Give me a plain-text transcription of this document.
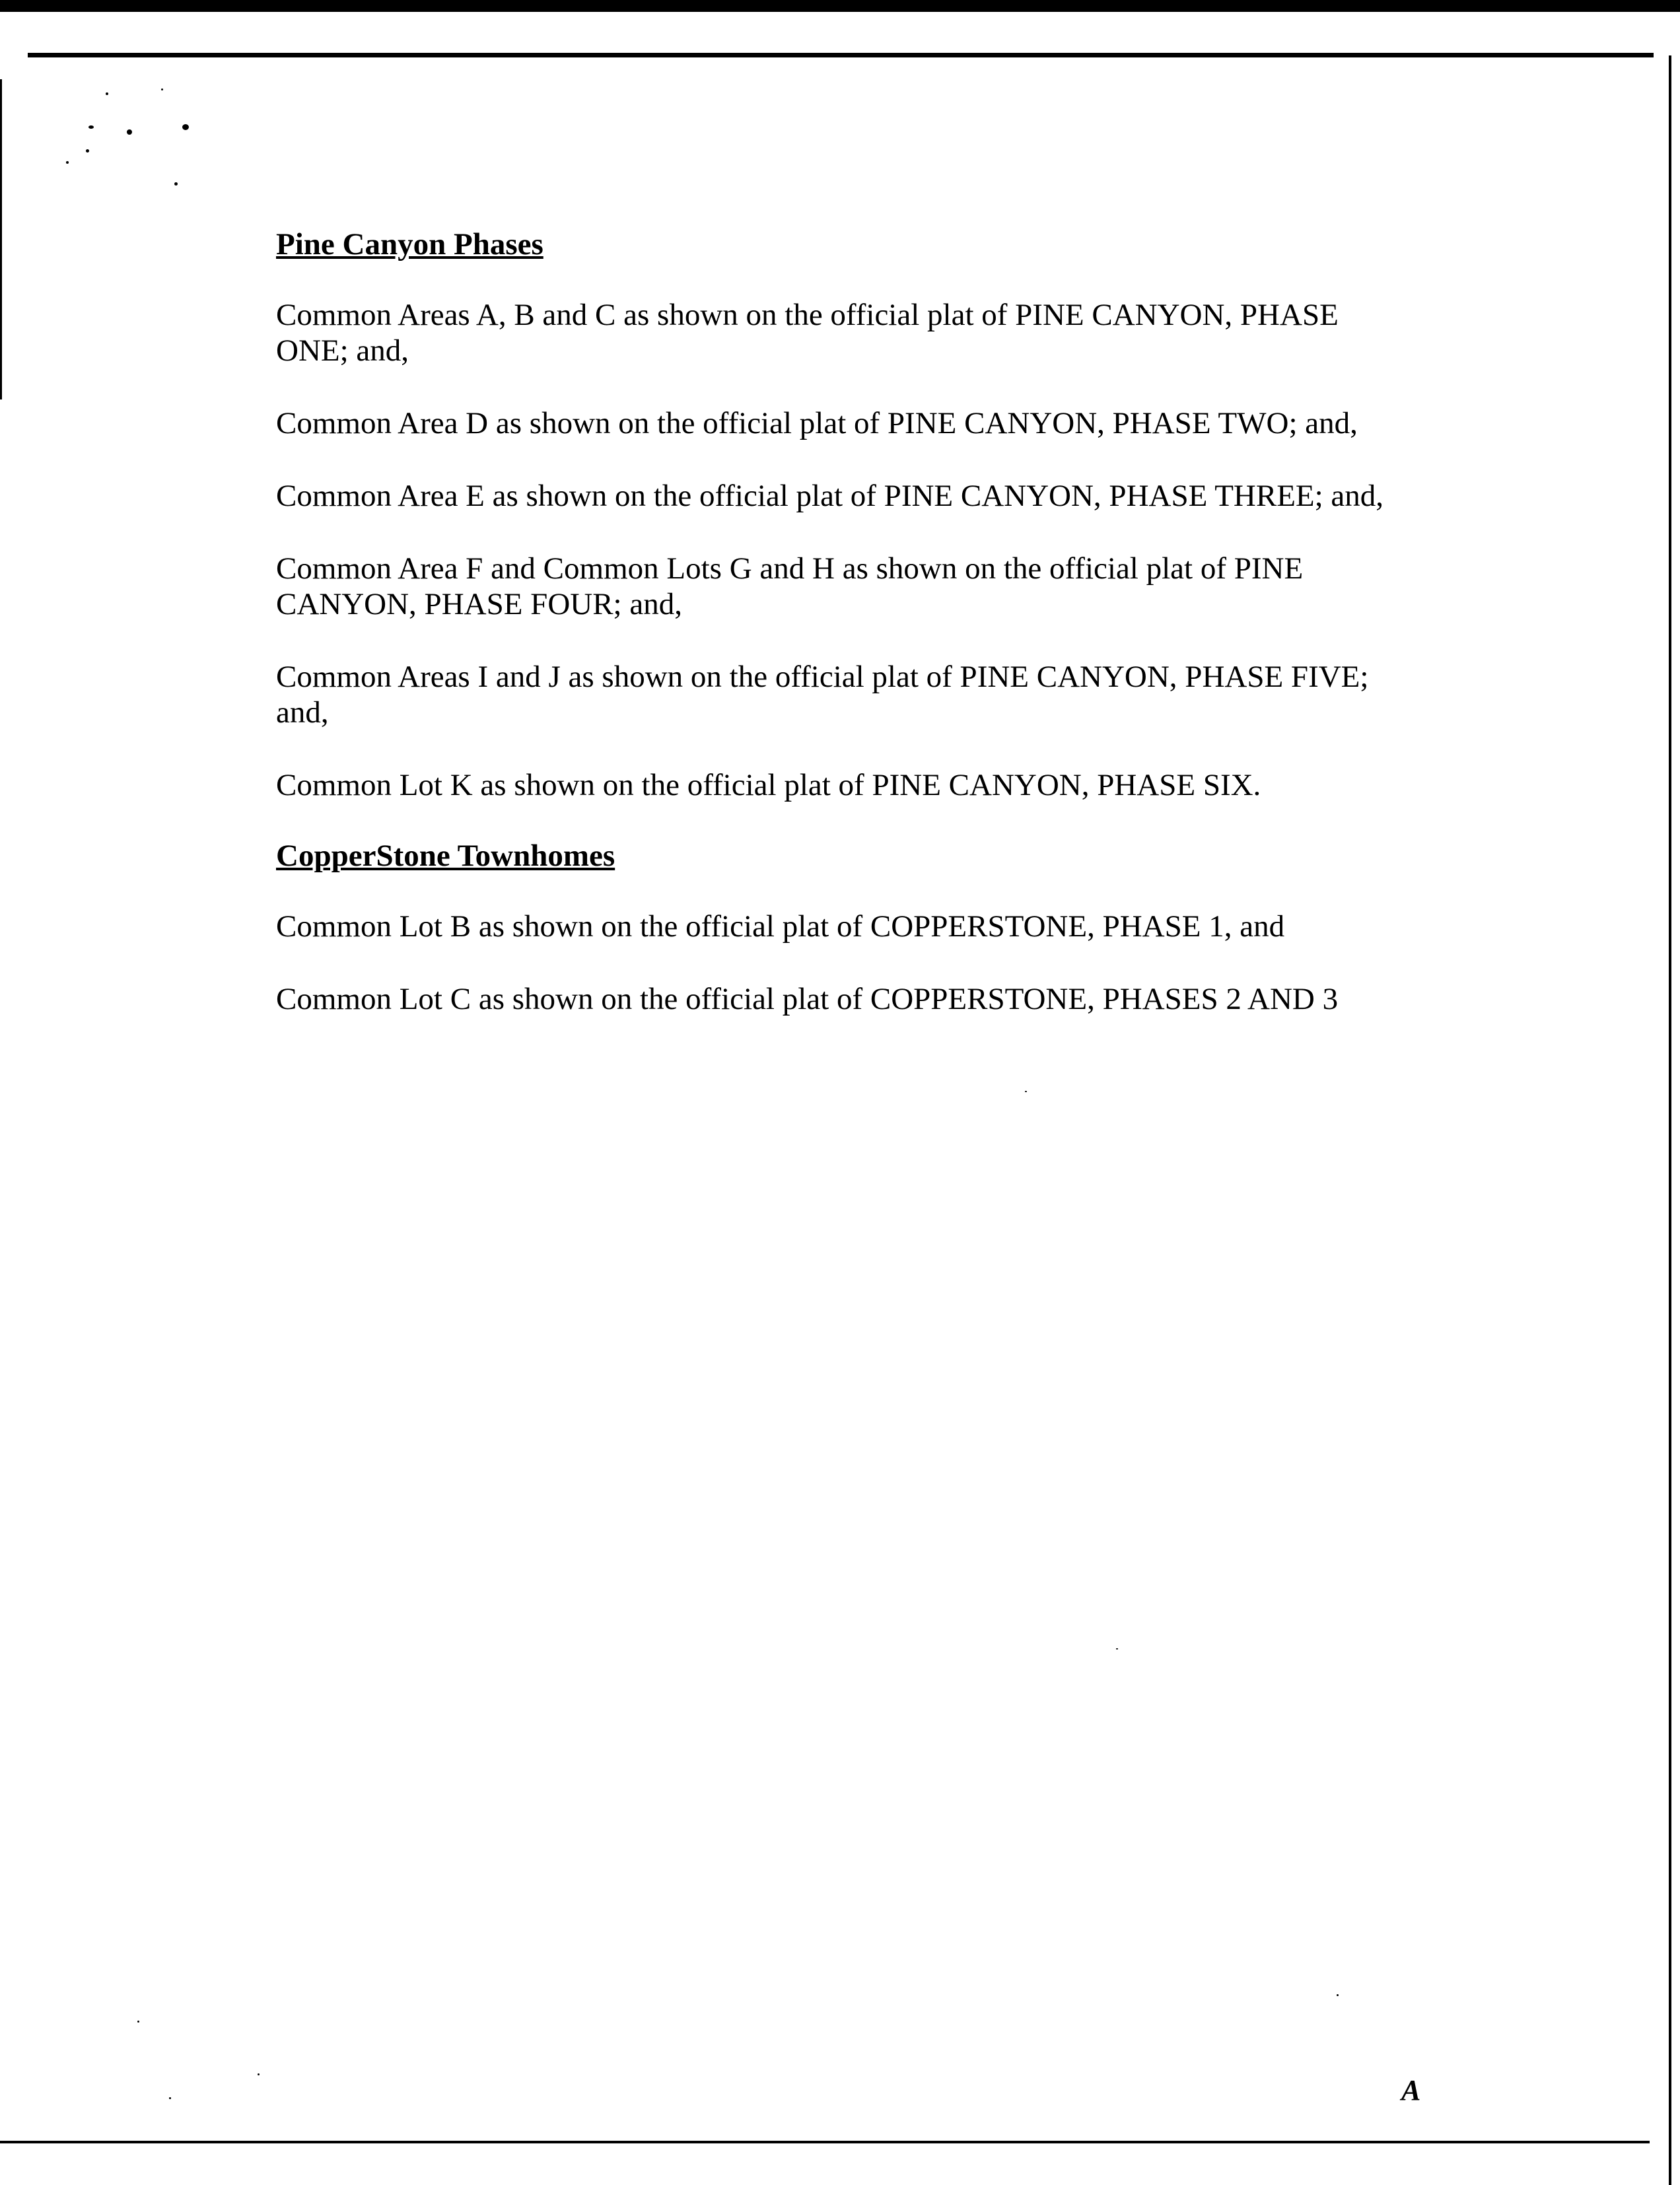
Pine Canyon Phases
Common Areas A, B and C as shown on the official plat of PINE CANYON, PHASE
ONE; and,
Common Area D as shown on the official plat of PINE CANYON, PHASE TWO; and,
Common Area E as shown on the official plat of PINE CANYON, PHASE THREE; and,
Common Area F and Common Lots G and H as shown on the official plat of PINE
CANYON, PHASE FOUR; and,
Common Areas I and J as shown on the official plat of PINE CANYON, PHASE FIVE;
and,
Common Lot K as shown on the official plat of PINE CANYON, PHASE SIX.
CopperStone Townhomes
Common Lot B as shown on the official plat of COPPERSTONE, PHASE 1, and
Common Lot C as shown on the official plat of COPPERSTONE, PHASES 2 AND 3
A
